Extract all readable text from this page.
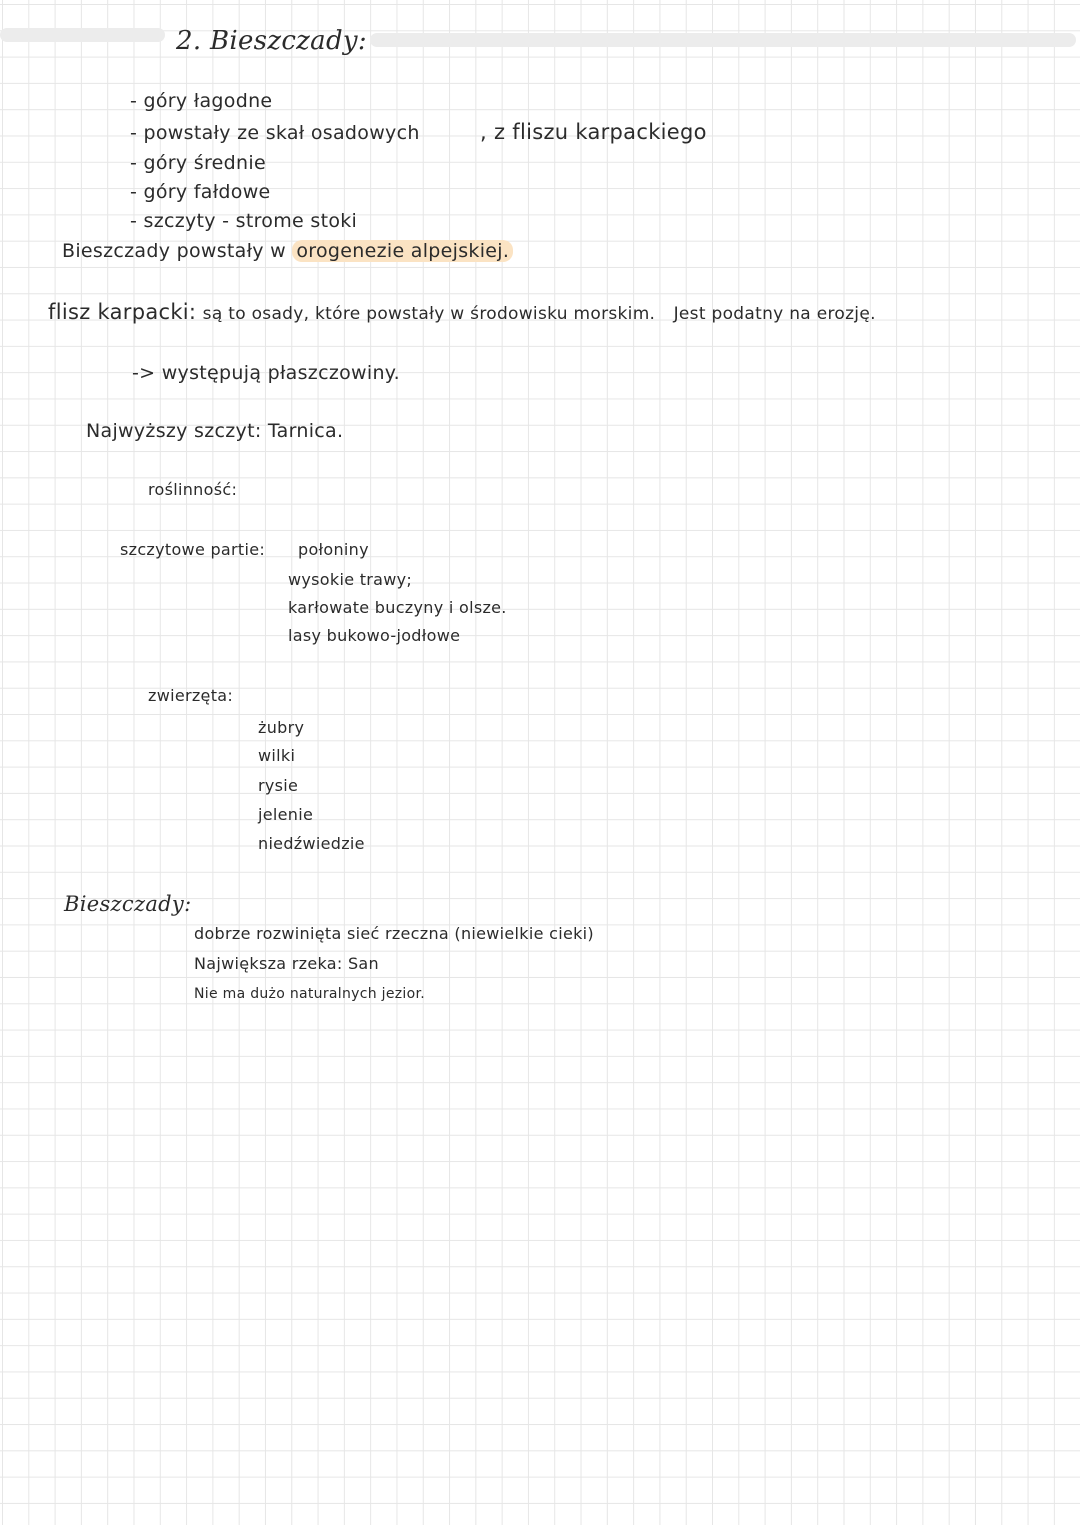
2. Bieszczady:
- góry łagodne
- powstały ze skał osadowych	, z fliszu karpackiego
- góry średnie
- góry fałdowe
- szczyty - strome stoki
Bieszczady powstały w orogenezie alpejskiej.
flisz karpacki: są to osady, które powstały w środowisku morskim. Jest podatny na erozję.
-> występują płaszczowiny.
Najwyższy szczyt: Tarnica.
roślinność:
szczytowe partie: połoniny
wysokie trawy;
karłowate buczyny i olsze.
lasy bukowo-jodłowe
zwierzęta:
żubry
wilki
rysie
jelenie
niedźwiedzie
Bieszczady:
dobrze rozwinięta sieć rzeczna (niewielkie cieki)
Największa rzeka: San
Nie ma dużo naturalnych jezior.
